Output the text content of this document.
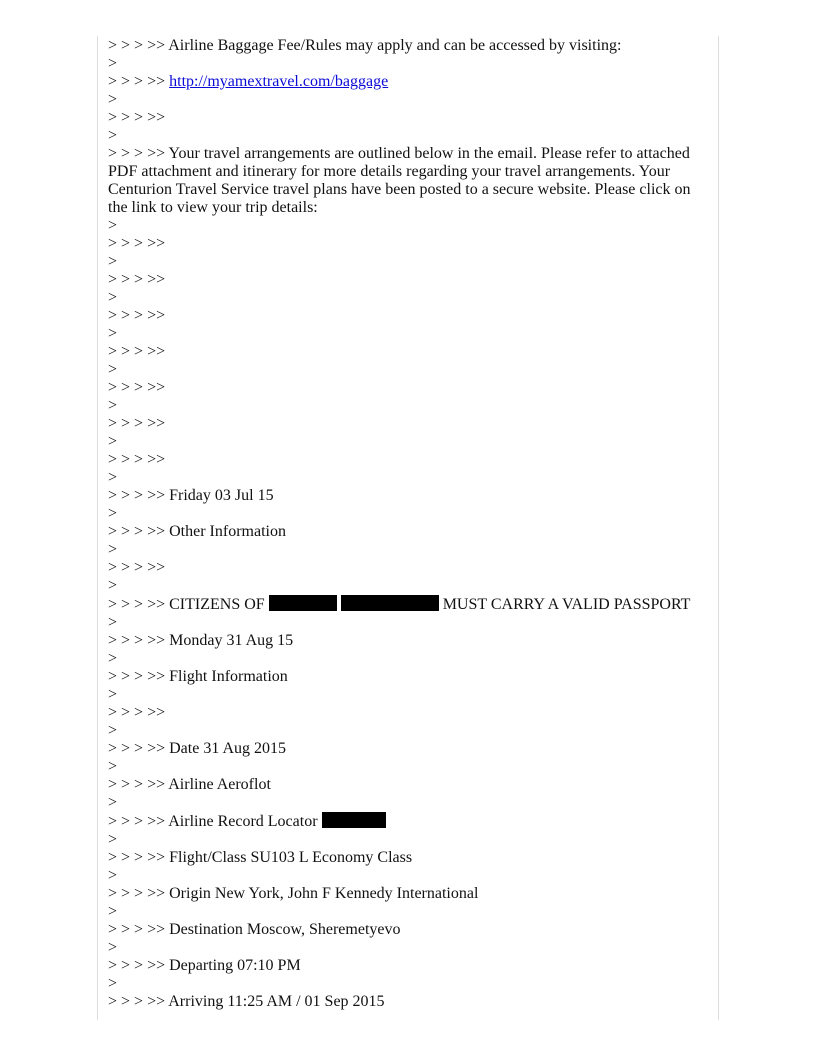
> > > >> Airline Baggage Fee/Rules may apply and can be accessed by visiting:
>
> > > >> http://myamextravel.com/baggage
>
> > > >>
>
> > > >> Your travel arrangements are outlined below in the email. Please refer to attached PDF attachment and itinerary for more details regarding your travel arrangements. Your Centurion Travel Service travel plans have been posted to a secure website. Please click on the link to view your trip details:
>
> > > >>
>
> > > >>
>
> > > >>
>
> > > >>
>
> > > >>
>
> > > >>
>
> > > >>
>
> > > >> Friday 03 Jul 15
>
> > > >> Other Information
>
> > > >>
>
> > > >> CITIZENS OF	MUST CARRY A VALID PASSPORT
>
> > > >> Monday 31 Aug 15
>
> > > >> Flight Information
>
> > > >>
>
> > > >> Date 31 Aug 2015
>
> > > >> Airline Aeroflot
>
> > > >> Airline Record Locator
>
> > > >> Flight/Class SU103 L Economy Class
>
> > > >> Origin New York, John F Kennedy International
>
> > > >> Destination Moscow, Sheremetyevo
>
> > > >> Departing 07:10 PM
>
> > > >> Arriving 11:25 AM / 01 Sep 2015
